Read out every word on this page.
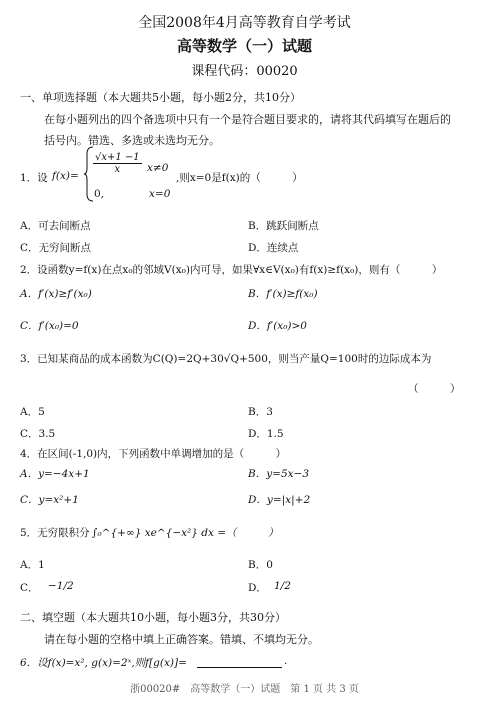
全国2008年4月高等教育自学考试
高等数学（一）试题
课程代码：00020
一、单项选择题（本大题共5小题，每小题2分，共10分）
在每小题列出的四个备选项中只有一个是符合题目要求的，请将其代码填写在题后的
括号内。错选、多选或未选均无分。
1．设 f(x)=
$\frac{√x+1 -1}{x} x\ne 0$
0,	x=0
,则x=0是f(x)的（　　　）
A．可去间断点	B．跳跃间断点
C．无穷间断点	D．连续点
2．设函数y=f(x)在点x₀的邻域V(x₀)内可导，如果∀x∈V(x₀)有f(x)≥f(x₀)，则有（　　　）
A．f′(x)≥f′(x₀)	B．f′(x)≥f(x₀)
C．f′(x₀)=0	D．f′(x₀)>0
3．已知某商品的成本函数为C(Q)=2Q+30√Q+500，则当产量Q=100时的边际成本为
（　　　）
A．5	B．3
C．3.5	D．1.5
4．在区间(-1,0)内，下列函数中单调增加的是（　　　）
A．y=−4x+1	B．y=5x−3
C．y=x²+1	D．y=|x|+2
5．无穷限积分 ∫₀^{+∞} xe^{−x²} dx =（　　　）
A．1	B．0
C． −1/2	D． 1/2
二、填空题（本大题共10小题，每小题3分，共30分）
请在每小题的空格中填上正确答案。错填、不填均无分。
6．设f(x)=x², g(x)=2ˣ,则f[g(x)]=	.
浙00020#　高等数学（一）试题　第 1 页 共 3 页
